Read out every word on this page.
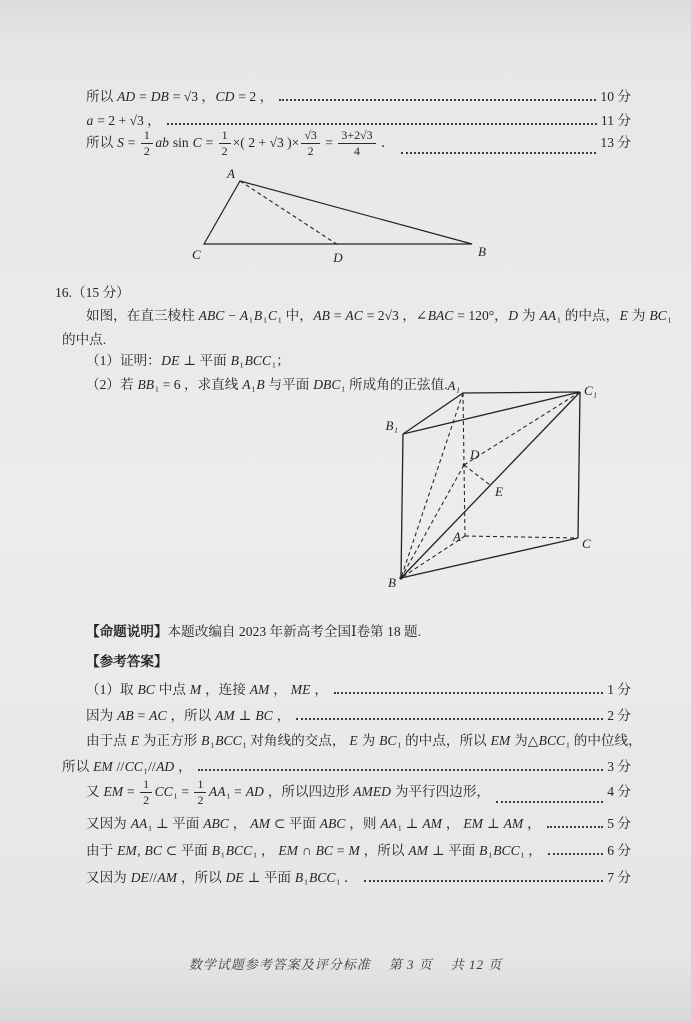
所以 AD = DB = √3 ，CD = 2 ，	10 分
a = 2 + √3 ，	11 分
所以 $S = \frac{1}{2}$ ab $\sin C = \frac{1}{2}$ ×( 2 + √3 )× $\frac{√3}{2} = \frac{3+2√3}{4}$ ．	13 分
A
C	D	B
16.（15 分）
如图，在直三棱柱 ABC − A₁B₁C₁ 中，AB = AC = 2√3 ，∠BAC = 120°，D 为 AA₁ 的中点，E 为 BC₁
的中点.
（1）证明：DE ⊥ 平面 B₁BCC₁；
（2）若 BB₁ = 6 ，求直线 A₁B 与平面 DBC₁ 所成角的正弦值. A₁	C₁
B₁
D
E
A	C
B
【命题说明】本题改编自 2023 年新高考全国Ⅰ卷第 18 题.
【参考答案】
（1）取 BC 中点 M ，连接 AM ， ME ，	1 分
因为 AB = AC ，所以 AM ⊥ BC ，	2 分
由于点 E 为正方形 B₁BCC₁ 对角线的交点， E 为 BC₁ 的中点，所以 EM 为△BCC₁ 的中位线，
所以 EM //CC₁//AD ，	3 分
又 EM = $\frac{1}{2} CC_1 = \frac{1}{2} AA_1$ = AD ，所以四边形 AMED 为平行四边形，	4 分
又因为 AA₁ ⊥ 平面 ABC ， AM ⊂ 平面 ABC ，则 AA₁ ⊥ AM ， EM ⊥ AM ，	5 分
由于 EM, BC ⊂ 平面 B₁BCC₁ ， EM ∩ BC = M ，所以 AM ⊥ 平面 B₁BCC₁ ，	6 分
又因为 DE//AM ，所以 DE ⊥ 平面 B₁BCC₁ ．	7 分
数学试题参考答案及评分标准 第 3 页 共 12 页
